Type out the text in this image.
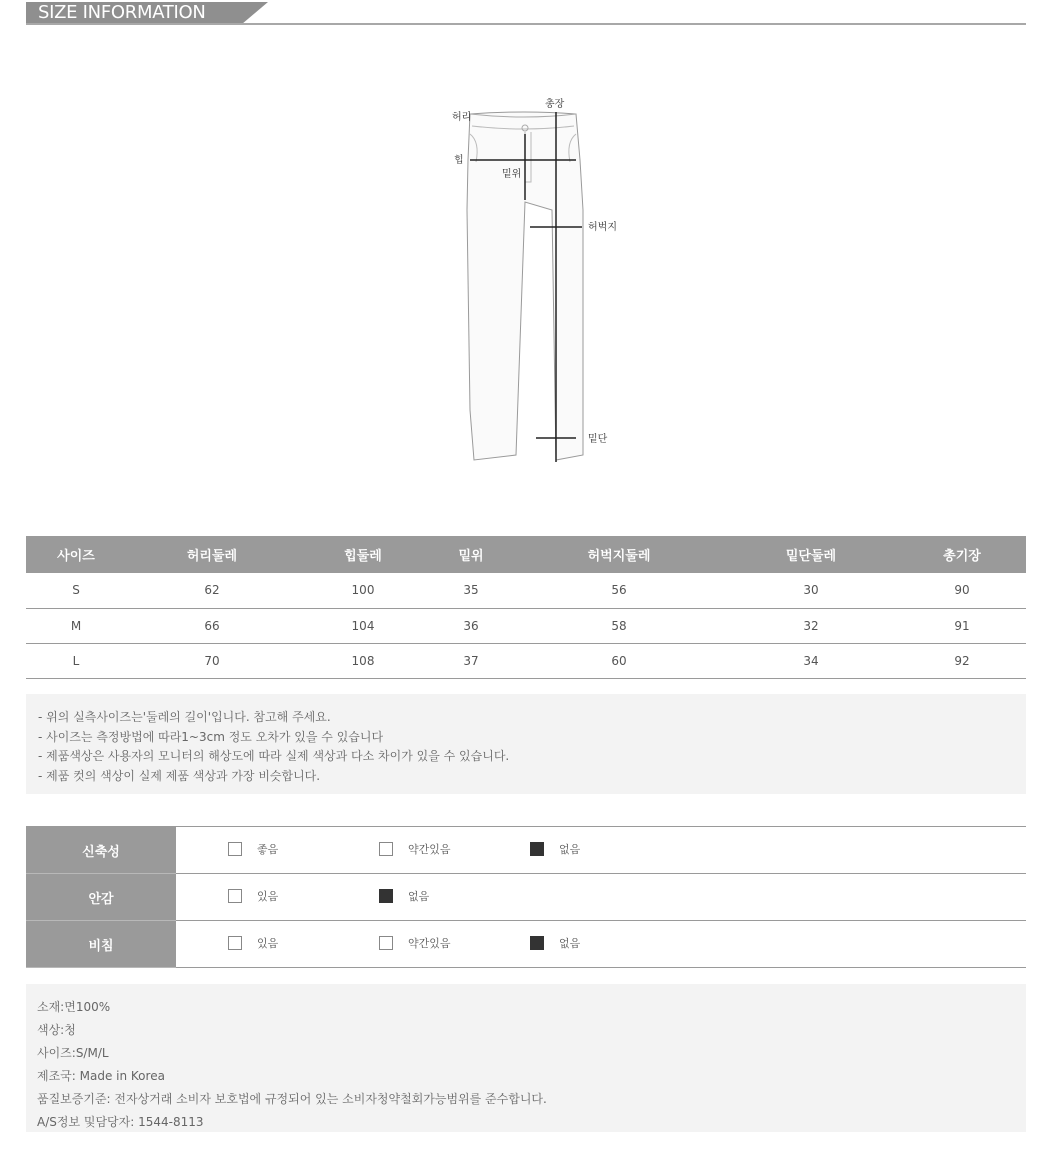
SIZE INFORMATION
허리
총장
힙
밑위
허벅지
밑단
사이즈	허리둘레	힙둘레	밑위	허벅지둘레	밑단둘레	총기장
S	62	100	35	56	30	90
M	66	104	36	58	32	91
L	70	108	37	60	34	92
- 위의 실측사이즈는'둘레의 길이'입니다. 참고해 주세요.
- 사이즈는 측정방법에 따라1~3cm 정도 오차가 있을 수 있습니다
- 제품색상은 사용자의 모니터의 해상도에 따라 실제 색상과 다소 차이가 있을 수 있습니다.
- 제품 컷의 색상이 실제 제품 색상과 가장 비슷합니다.
신축성	좋음 약간있음 없음

안감	있음 없음

비침	있음 약간있음 없음
소재:면100%
색상:청
사이즈:S/M/L
제조국: Made in Korea
품질보증기준: 전자상거래 소비자 보호법에 규정되어 있는 소비자청약철회가능범위를 준수합니다.
A/S정보 및담당자: 1544-8113
